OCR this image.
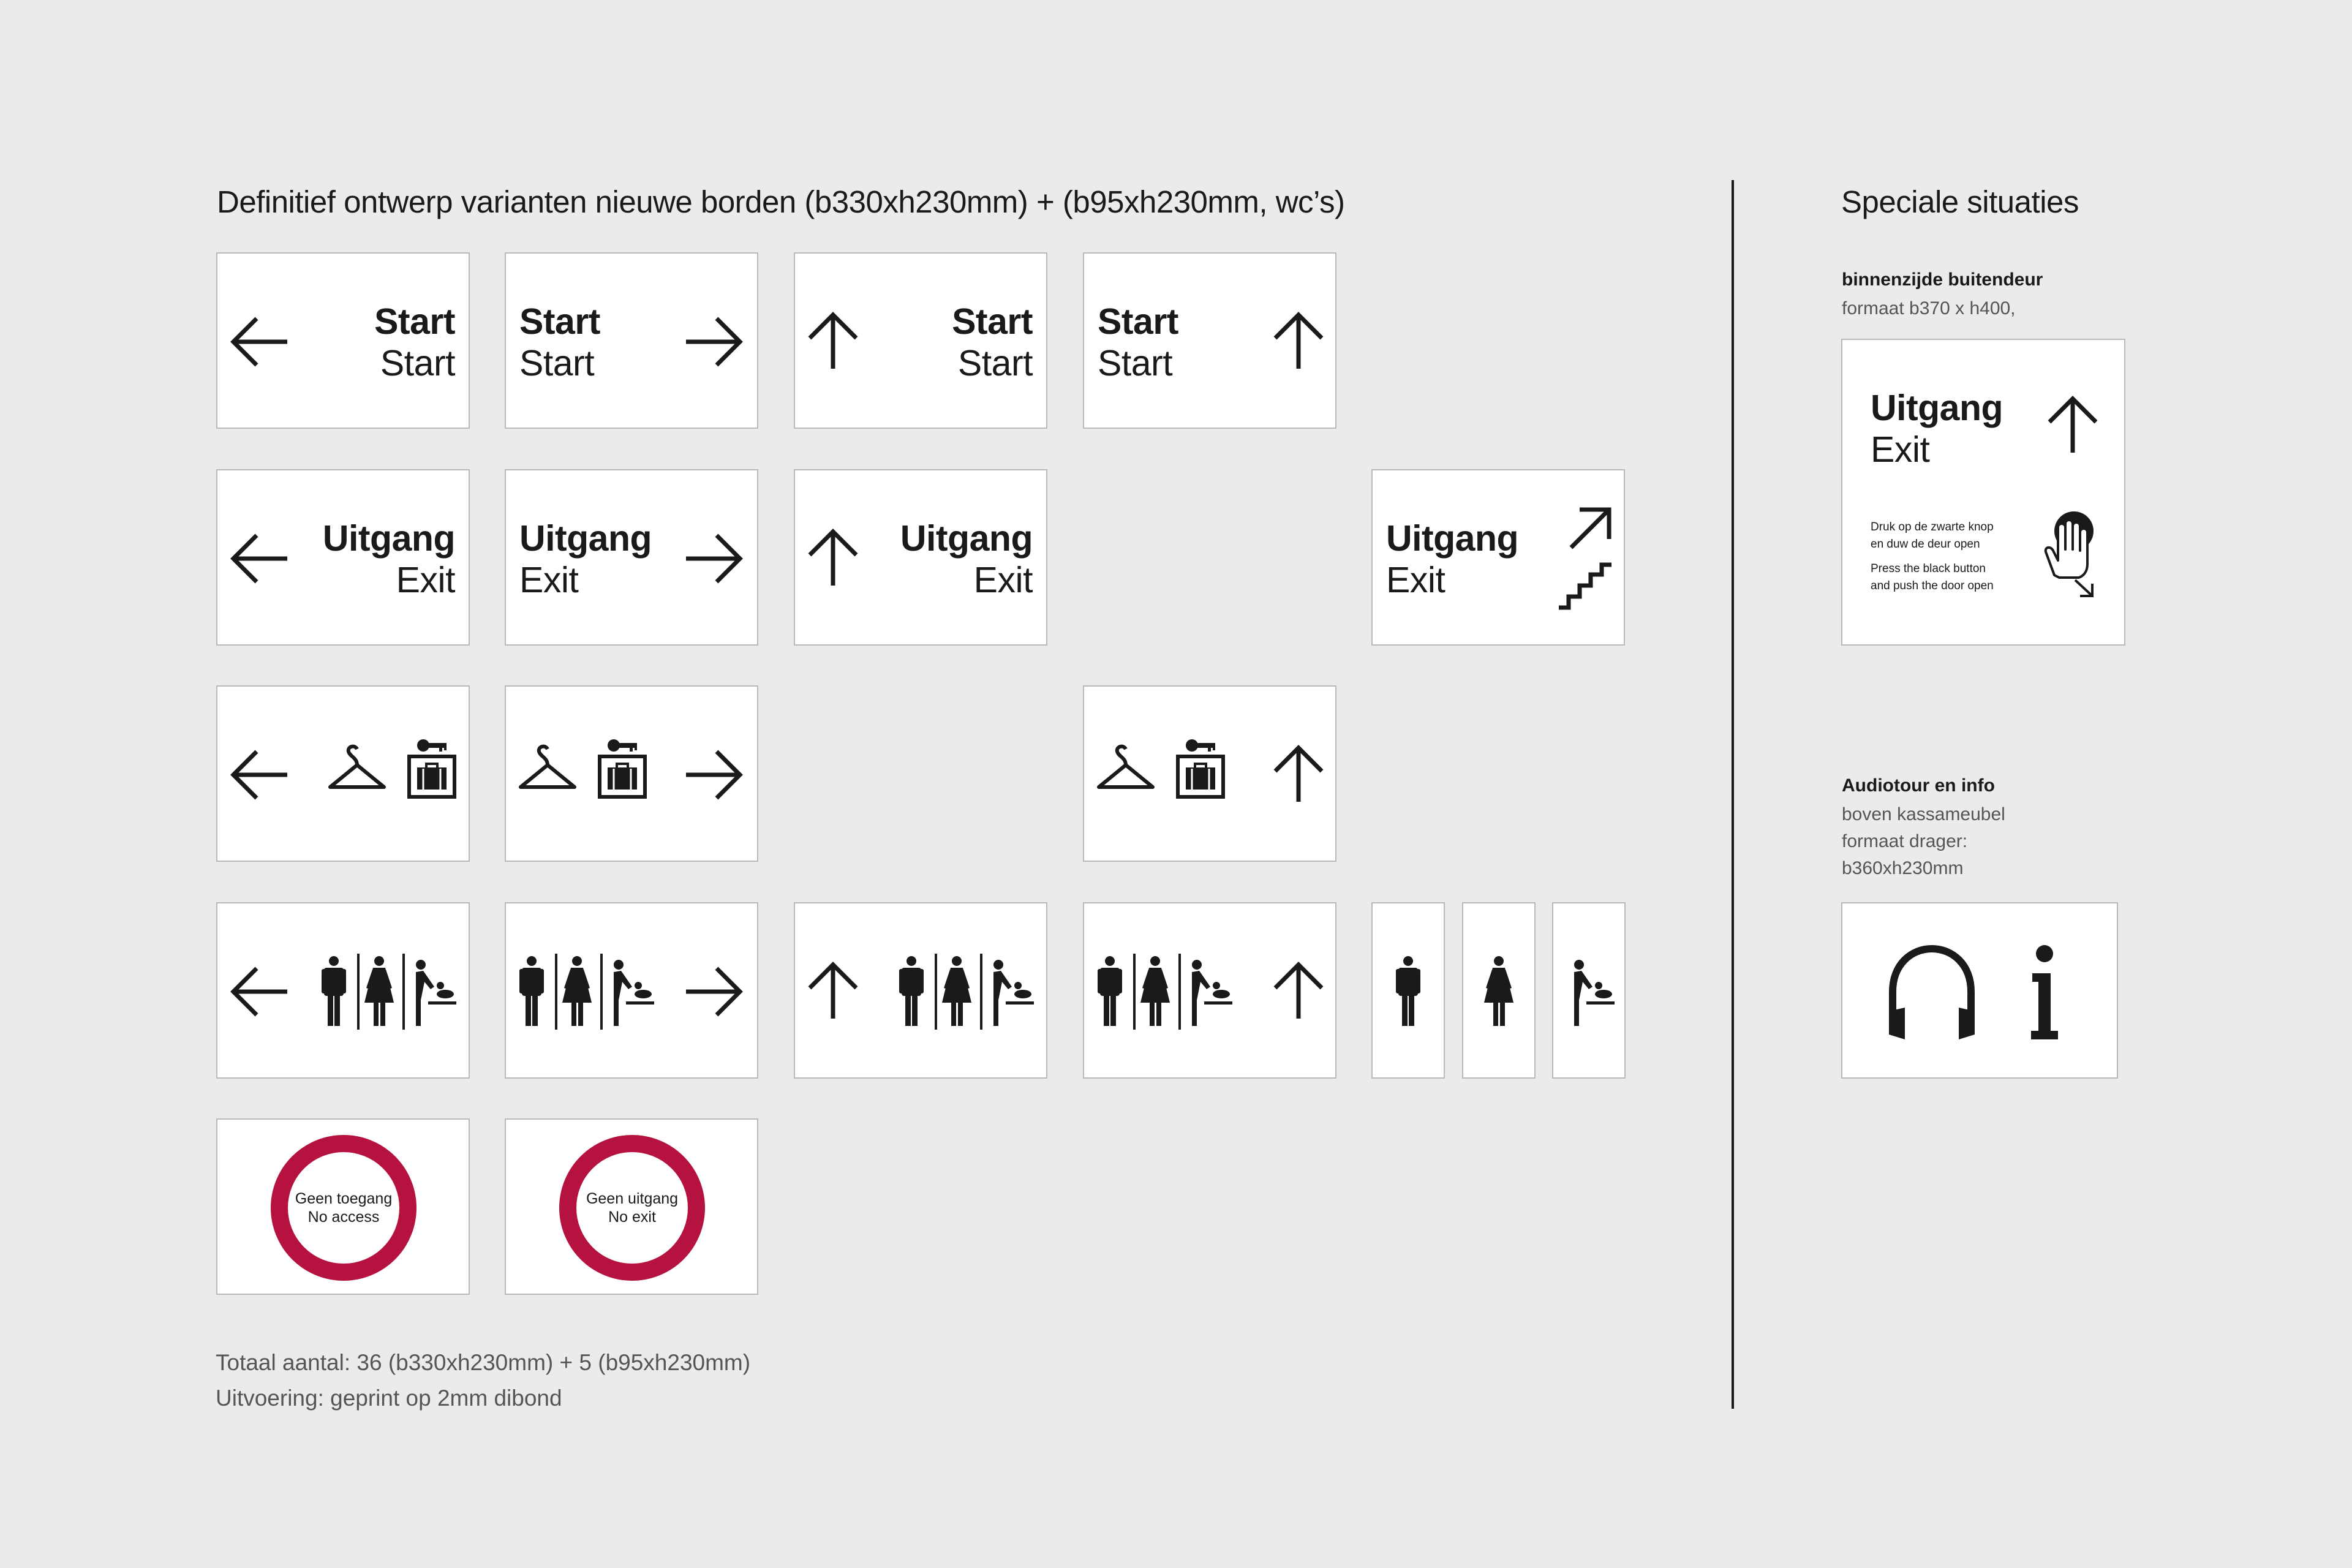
Definitief ontwerp varianten nieuwe borden (b330xh230mm) + (b95xh230mm, wc’s)
Start
Start
Start
Start
Start
Start
Start
Start
Uitgang
Exit
Uitgang
Exit
Uitgang
Exit
Uitgang
Exit
Geen toegang
No access
Geen uitgang
No exit
Totaal aantal: 36 (b330xh230mm) + 5 (b95xh230mm)
Uitvoering: geprint op 2mm dibond
Speciale situaties
binnenzijde buitendeur
formaat b370 x h400,
Uitgang
Exit
Druk op de zwarte knop
en duw de deur open
Press the black button
and push the door open
Audiotour en info
boven kassameubel
formaat drager:
b360xh230mm
